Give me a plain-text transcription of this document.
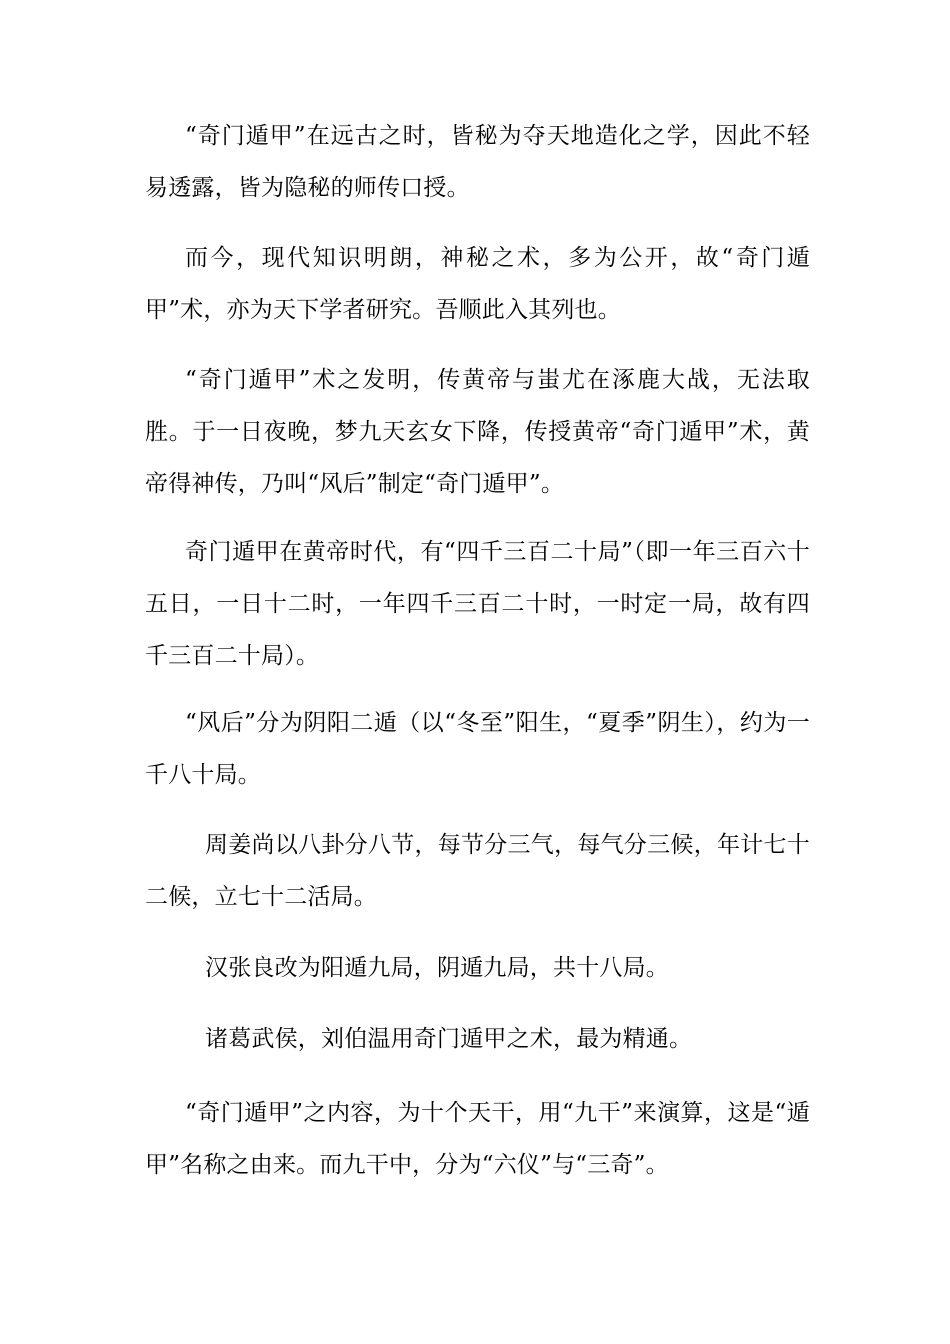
“奇门遁甲”在远古之时，皆秘为夺天地造化之学，因此不轻易透露，皆为隐秘的师传口授。

而今，现代知识明朗，神秘之术，多为公开，故“奇门遁甲”术，亦为天下学者研究。吾顺此入其列也。

“奇门遁甲”术之发明，传黄帝与蚩尤在涿鹿大战，无法取胜。于一日夜晚，梦九天玄女下降，传授黄帝“奇门遁甲”术，黄帝得神传，乃叫“风后”制定“奇门遁甲”。

奇门遁甲在黄帝时代，有“四千三百二十局”（即一年三百六十五日，一日十二时，一年四千三百二十时，一时定一局，故有四千三百二十局）。

“风后”分为阴阳二遁（以“冬至”阳生，“夏季”阴生），约为一千八十局。

周姜尚以八卦分八节，每节分三气，每气分三候，年计七十二候，立七十二活局。

汉张良改为阳遁九局，阴遁九局，共十八局。

诸葛武侯，刘伯温用奇门遁甲之术，最为精通。

“奇门遁甲”之内容，为十个天干，用“九干”来演算，这是“遁甲”名称之由来。而九干中，分为“六仪”与“三奇”。
